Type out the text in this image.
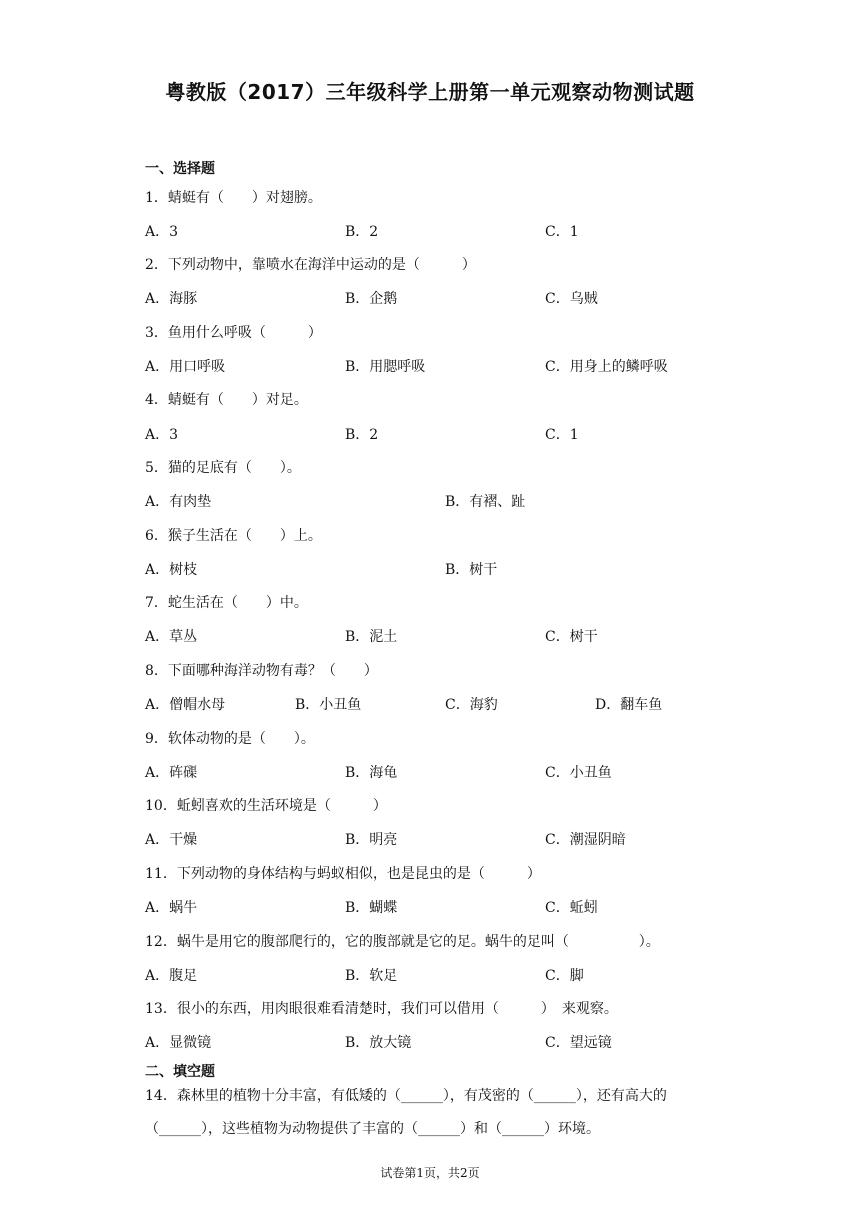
粤教版（2017）三年级科学上册第一单元观察动物测试题
一、选择题
1．蜻蜓有（　　）对翅膀。
A．3	B．2	C．1
2．下列动物中，靠喷水在海洋中运动的是（　　　）
A．海豚	B．企鹅	C．乌贼
3．鱼用什么呼吸（　　　）
A．用口呼吸	B．用腮呼吸	C．用身上的鳞呼吸
4．蜻蜓有（　　）对足。
A．3	B．2	C．1
5．猫的足底有（　　）。
A．有肉垫	B．有褶、趾
6．猴子生活在（　　）上。
A．树枝	B．树干
7．蛇生活在（　　）中。
A．草丛	B．泥土	C．树干
8．下面哪种海洋动物有毒？（　　）
A．僧帽水母	B．小丑鱼	C．海豹	D．翻车鱼
9．软体动物的是（　　）。
A．砗磲	B．海龟	C．小丑鱼
10．蚯蚓喜欢的生活环境是（　　　）
A．干燥	B．明亮	C．潮湿阴暗
11．下列动物的身体结构与蚂蚁相似，也是昆虫的是（　　　）
A．蜗牛	B．蝴蝶	C．蚯蚓
12．蜗牛是用它的腹部爬行的，它的腹部就是它的足。蜗牛的足叫（　　　　　）。
A．腹足	B．软足	C．脚
13．很小的东西，用肉眼很难看清楚时，我们可以借用（　　　）　来观察。
A．显微镜	B．放大镜	C．望远镜
二、填空题
14．森林里的植物十分丰富，有低矮的（______），有茂密的（______），还有高大的（______），这些植物为动物提供了丰富的（______）和（______）环境。
试卷第1页，共2页
